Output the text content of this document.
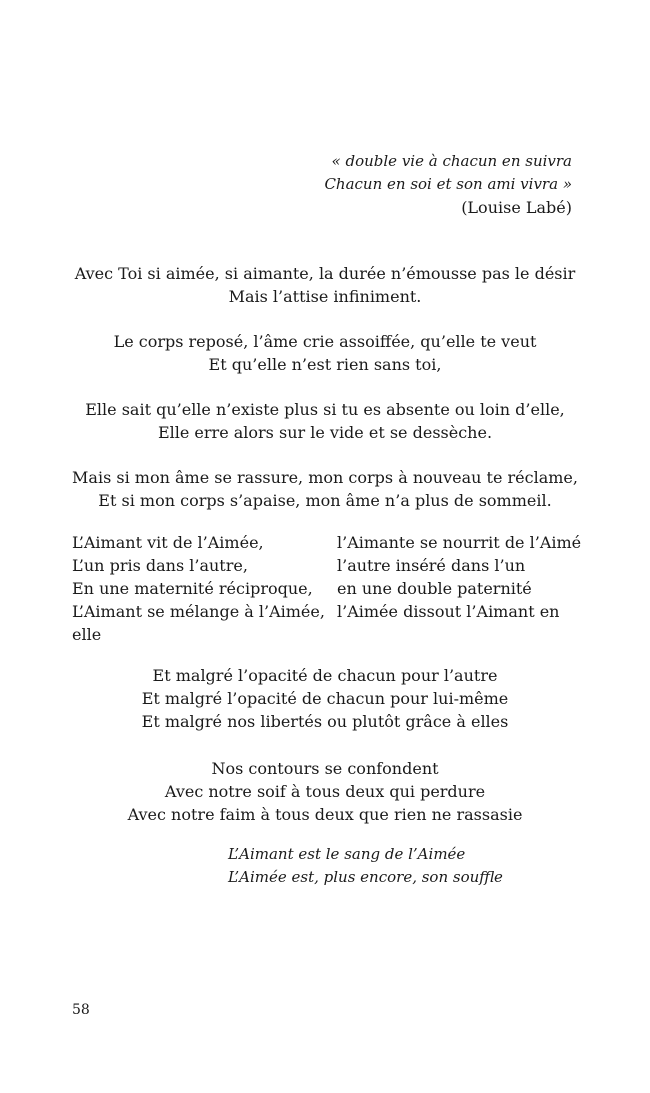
« double vie à chacun en suivra
Chacun en soi et son ami vivra »
(Louise Labé)
Avec Toi si aimée, si aimante, la durée n’émousse pas le désir
Mais l’attise infiniment.
Le corps reposé, l’âme crie assoiffée, qu’elle te veut
Et qu’elle n’est rien sans toi,
Elle sait qu’elle n’existe plus si tu es absente ou loin d’elle,
Elle erre alors sur le vide et se dessèche.
Mais si mon âme se rassure, mon corps à nouveau te réclame,
Et si mon corps s’apaise, mon âme n’a plus de sommeil.
L’Aimant vit de l’Aimée,	l’Aimante se nourrit de l’Aimé
L’un pris dans l’autre,	l’autre inséré dans l’un
En une maternité réciproque, en une double paternité
L’Aimant se mélange à l’Aimée, l’Aimée dissout l’Aimant en
elle
Et malgré l’opacité de chacun pour l’autre
Et malgré l’opacité de chacun pour lui-même
Et malgré nos libertés ou plutôt grâce à elles
Nos contours se confondent
Avec notre soif à tous deux qui perdure
Avec notre faim à tous deux que rien ne rassasie
L’Aimant est le sang de l’Aimée
L’Aimée est, plus encore, son souffle
58
